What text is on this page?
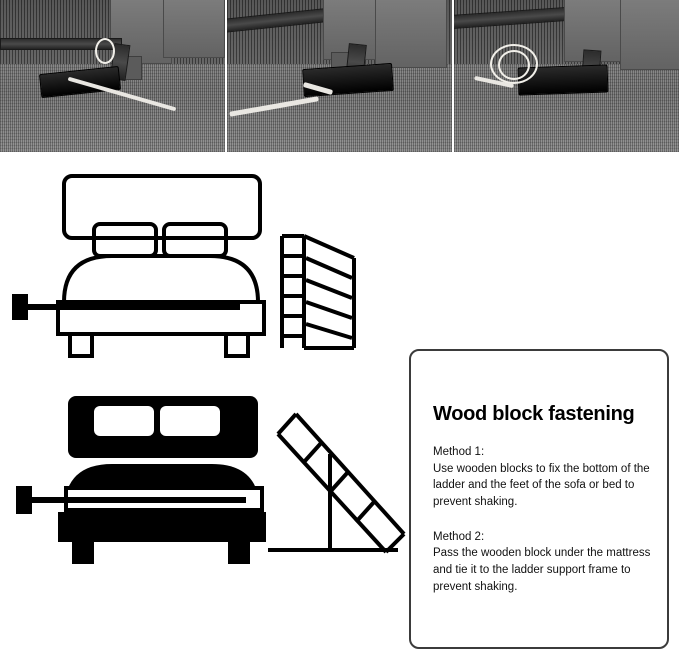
Wood block fastening
Method 1:
Use wooden blocks to fix the bottom of the ladder and the feet of the sofa or bed to prevent shaking.
Method 2:
Pass the wooden block under the mattress and tie it to the ladder support frame to prevent shaking.
